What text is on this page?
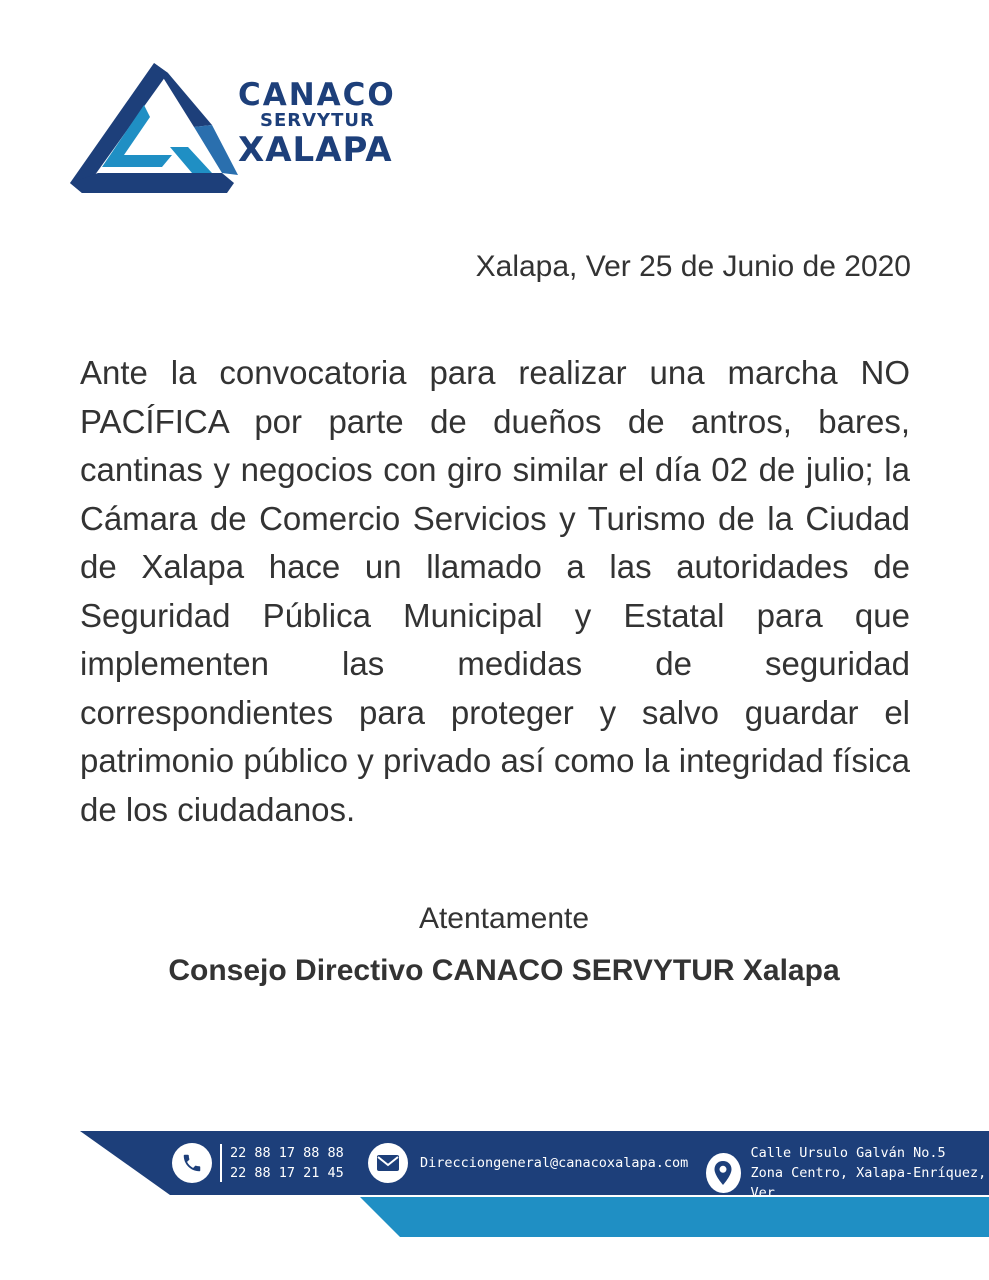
CANACO
SERVYTUR
XALAPA
Xalapa, Ver 25 de Junio de 2020

Ante la convocatoria para realizar una marcha NO PACÍFICA por parte de dueños de antros, bares, cantinas y negocios con giro similar el día 02 de julio; la Cámara de Comercio Servicios y Turismo de la Ciudad de Xalapa hace un llamado a las autoridades de Seguridad Pública Municipal y Estatal para que implementen las medidas de seguridad correspondientes para proteger y salvo guardar el patrimonio público y privado así como la integridad física de los ciudadanos.

Atentamente
Consejo Directivo CANACO SERVYTUR Xalapa
22 88 17 88 88
22 88 17 21 45
Direcciongeneral@canacoxalapa.com
Calle Ursulo Galván No.5
Zona Centro, Xalapa-Enríquez, Ver.
